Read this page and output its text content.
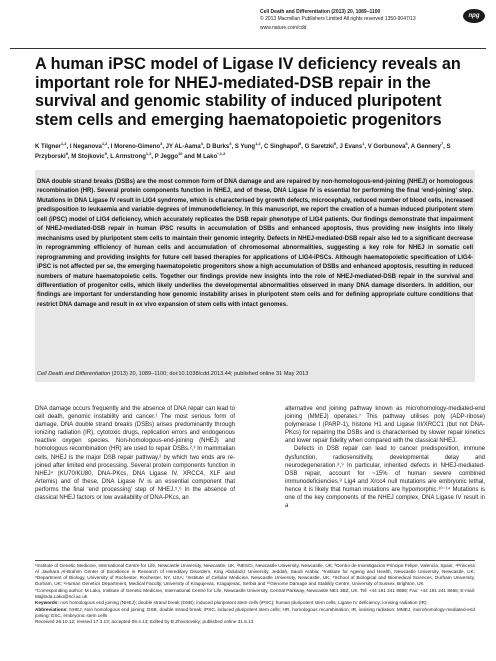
Cell Death and Differentiation (2013) 20, 1089–1100
© 2013 Macmillan Publishers Limited All rights reserved 1350-9047/13
www.nature.com/cdd
npg
A human iPSC model of Ligase IV deficiency reveals an important role for NHEJ-mediated-DSB repair in the survival and genomic stability of induced pluripotent stem cells and emerging haematopoietic progenitors
K Tilgner$^{1,2}$, I Neganova$^{1,2}$, I Moreno-Gimeno$^3$, JY AL-Aama$^4$, D Burks$^3$, S Yung$^{1,2}$, C Singhapol$^5$, G Saretzki$^5$, J Evans$^1$, V Gorbunova$^6$, A Gennery$^7$, S Przyborski$^8$, M Stojkovic$^9$, L Armstrong$^{1,2}$, P Jeggo$^{10}$ and M Lako$^{*,1,2}$

DNA double strand breaks (DSBs) are the most common form of DNA damage and are repaired by non-homologous-end-joining (NHEJ) or homologous recombination (HR). Several protein components function in NHEJ, and of these, DNA Ligase IV is essential for performing the final ‘end-joining’ step. Mutations in DNA Ligase IV result in LIG4 syndrome, which is characterised by growth defects, microcephaly, reduced number of blood cells, increased predisposition to leukaemia and variable degrees of immunodeficiency. In this manuscript, we report the creation of a human induced pluripotent stem cell (iPSC) model of LIG4 deficiency, which accurately replicates the DSB repair phenotype of LIG4 patients. Our findings demonstrate that impairment of NHEJ-mediated-DSB repair in human iPSC results in accumulation of DSBs and enhanced apoptosis, thus providing new insights into likely mechanisms used by pluripotent stem cells to maintain their genomic integrity. Defects in NHEJ-mediated-DSB repair also led to a significant decrease in reprogramming efficiency of human cells and accumulation of chromosomal abnormalities, suggesting a key role for NHEJ in somatic cell reprogramming and providing insights for future cell based therapies for applications of LIG4-iPSCs. Although haematopoietic specification of LIG4-iPSC is not affected per se, the emerging haematopoietic progenitors show a high accumulation of DSBs and enhanced apoptosis, resulting in reduced numbers of mature haematopoietic cells. Together our findings provide new insights into the role of NHEJ-mediated-DSB repair in the survival and differentiation of progenitor cells, which likely underlies the developmental abnormalities observed in many DNA damage disorders. In addition, our findings are important for understanding how genomic instability arises in pluripotent stem cells and for defining appropriate culture conditions that restrict DNA damage and result in ex vivo expansion of stem cells with intact genomes.

Cell Death and Differentiation (2013) 20, 1089–1100; doi:10.1038/cdd.2013.44; published online 31 May 2013

DNA damage occurs frequently and the absence of DNA repair can lead to cell death, genomic instability and cancer.¹ The most serious form of damage, DNA double strand breaks (DSBs) arises predominantly through ionizing radiation (IR), cytotoxic drugs, replication errors and endogenous reactive oxygen species. Non-homologous-end-joining (NHEJ) and homologous recombination (HR) are used to repair DSBs.²,³ In mammalian cells, NHEJ is the major DSB repair pathway,² by which two ends are re-joined after limited end processing. Several protein components function in NHEJ⁴ (KU70/KU80, DNA-PKcs, DNA Ligase IV, XRCC4, XLF and Artemis) and of these, DNA Ligase IV is an essential component that performs the final ‘end processing’ step of NHEJ.⁵,⁶ In the absence of classical NHEJ factors or low availability of DNA-PKcs, an

alternative end joining pathway known as microhomology-mediated-end joining (MMEJ) operates.⁷ This pathway utilises poly (ADP-ribose) polymerase I (PARP-1), histone H1 and Ligase III/XRCC1 (but not DNA-PKcs) for repairing the DSBs and is characterised by slower repair kinetics and lower repair fidelity when compared with the classical NHEJ.

Defects in DSB repair can lead to cancer predisposition, immune dysfunction, radiosensitivity, developmental delay and neurodegeneration.⁸,⁹ In particular, inherited defects in NHEJ-mediated-DSB repair, account for ~15% of human severe combined immunodeficiencies.⁸ Lig4 and Xrcc4 null mutations are embryonic lethal, hence it is likely that human mutations are hypomorphic.¹⁰⁻¹⁴ Mutations is one of the key components of the NHEJ complex, DNA Ligase IV result in a

¹Institute of Genetic Medicine, International Centre for Life, Newcastle University, Newcastle, UK; ²NESCI, Newcastle University, Newcastle, UK; ³Centro de Investigacion Principe Felipe, Valencia, Spain; ⁴Princess Al Jawhara Al-Brahim Center of Excellence in Research of Hereditary Disorders, King Abdulaziz University, Jeddah, Saudi Arabia; ⁵Institute for Ageing and Health, Newcastle University, Newcastle, UK; ⁶Department of Biology, University of Rochester, Rochester, NY, USA; ⁷Institute of Cellular Medicine, Newcastle University, Newcastle, UK; ⁸School of Biological and Biomedical Sciences, Durham University, Durham, UK; ⁹Human Genetics Department, Medical Faculty, University of Kragujevac, Kragujevac, Serbia and ¹⁰Genome Damage and Stability Centre, University of Sussex, Brighton, UK

*Corresponding author: M Lako, Institute of Genetic Medicine, International Centre for Life, Newcastle University, Central Parkway, Newcastle NE1 3BZ, UK. Tel: +44 191 241 8688; Fax: +44 191 241 8666; E-mail: Majlinda.Lako@ncl.ac.uk

Keywords: non homologous end joining (NHEJ); double strand break (DSB); induced pluripotent stem cells (iPSC); human pluripotent stem cells; Ligase IV deficiency; ionising radiation (IR)

Abbreviations: NHEJ, Non homologous end joining; DSB, double strand break; iPSC, induced pluripotent stem cells; HR, homologous recombination; IR, ionising radiation; MMEJ, microhomology-mediated-end joining; ESC, embryonic stem cells

Received 26.10.12; revised 17.3.13; accepted 09.4.13; Edited by B Zhivotovsky; published online 31.5.13
